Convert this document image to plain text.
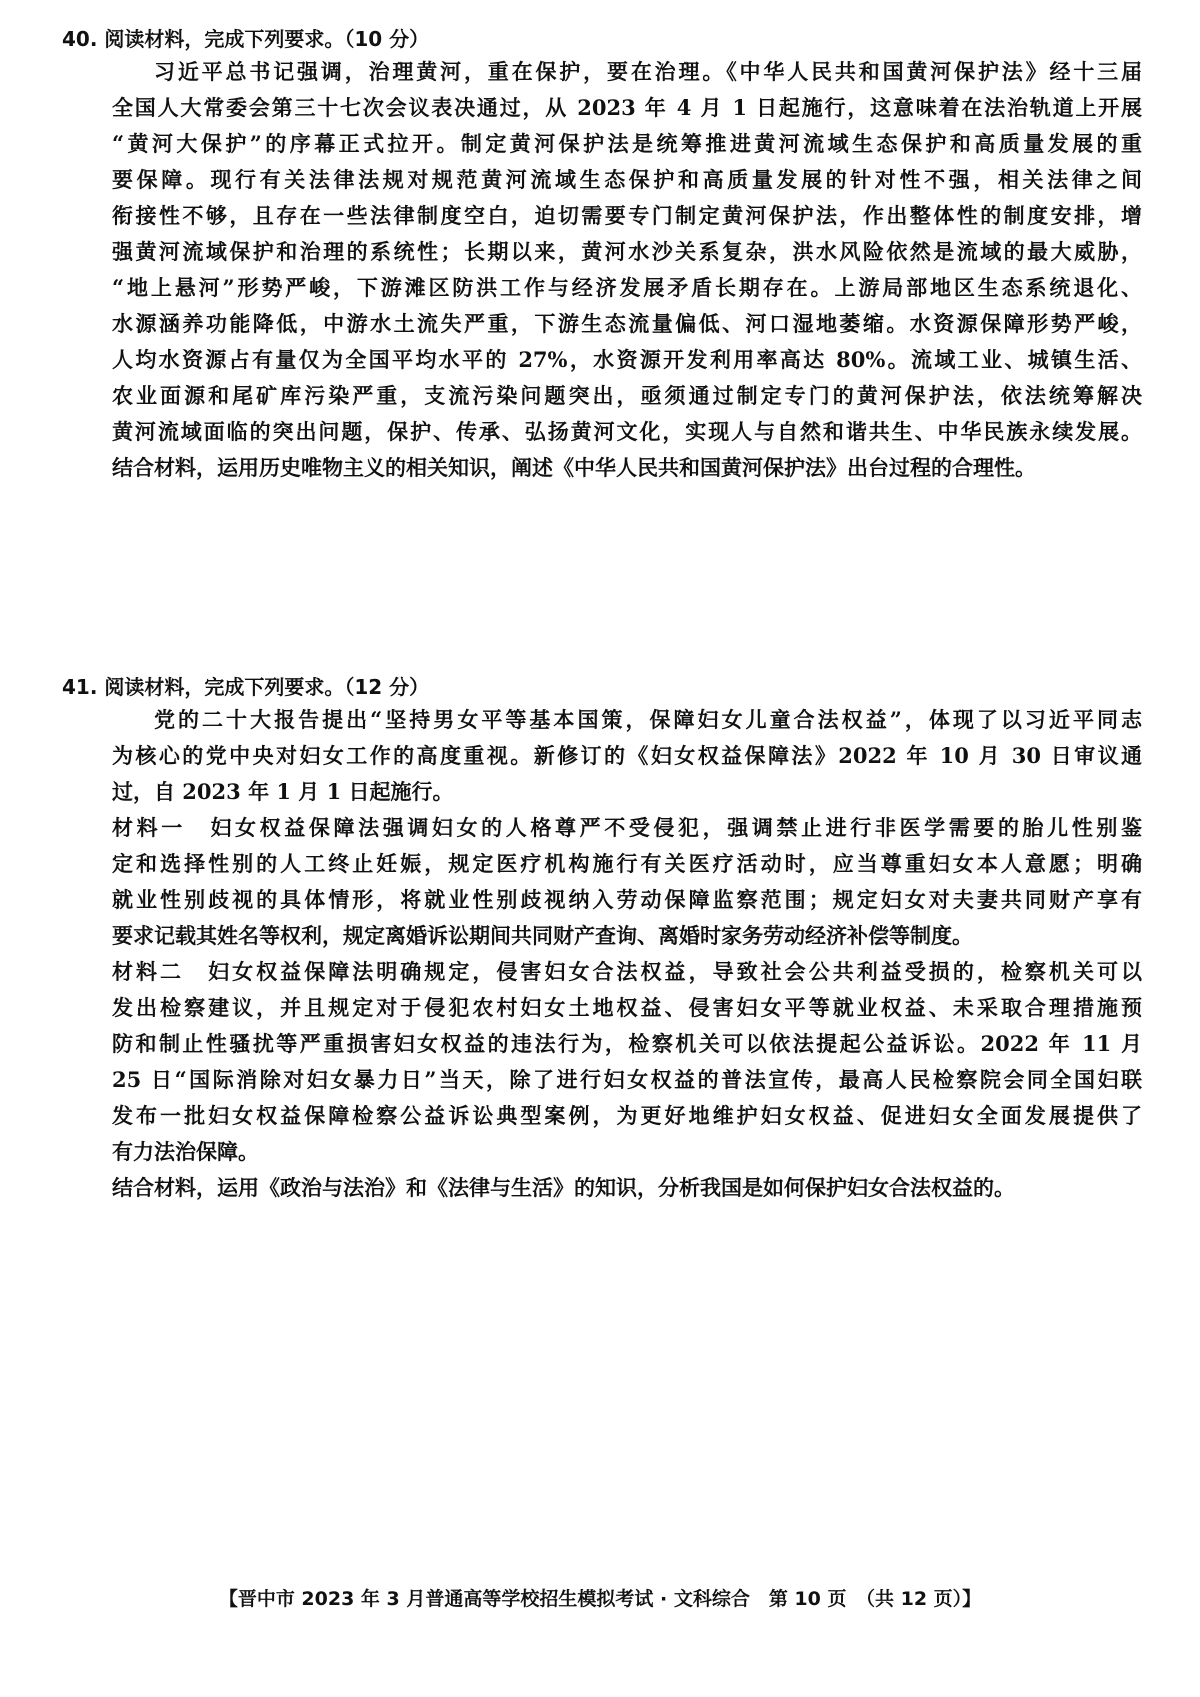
40. 阅读材料，完成下列要求。（10 分）
习近平总书记强调，治理黄河，重在保护，要在治理。《中华人民共和国黄河保护法》经十三届
全国人大常委会第三十七次会议表决通过，从 2023 年 4 月 1 日起施行，这意味着在法治轨道上开展
“黄河大保护”的序幕正式拉开。制定黄河保护法是统筹推进黄河流域生态保护和高质量发展的重
要保障。现行有关法律法规对规范黄河流域生态保护和高质量发展的针对性不强，相关法律之间
衔接性不够，且存在一些法律制度空白，迫切需要专门制定黄河保护法，作出整体性的制度安排，增
强黄河流域保护和治理的系统性；长期以来，黄河水沙关系复杂，洪水风险依然是流域的最大威胁，
“地上悬河”形势严峻，下游滩区防洪工作与经济发展矛盾长期存在。上游局部地区生态系统退化、
水源涵养功能降低，中游水土流失严重，下游生态流量偏低、河口湿地萎缩。水资源保障形势严峻，
人均水资源占有量仅为全国平均水平的 27%，水资源开发利用率高达 80%。流域工业、城镇生活、
农业面源和尾矿库污染严重，支流污染问题突出，亟须通过制定专门的黄河保护法，依法统筹解决
黄河流域面临的突出问题，保护、传承、弘扬黄河文化，实现人与自然和谐共生、中华民族永续发展。
结合材料，运用历史唯物主义的相关知识，阐述《中华人民共和国黄河保护法》出台过程的合理性。
41. 阅读材料，完成下列要求。（12 分）
党的二十大报告提出“坚持男女平等基本国策，保障妇女儿童合法权益”，体现了以习近平同志
为核心的党中央对妇女工作的高度重视。新修订的《妇女权益保障法》2022 年 10 月 30 日审议通
过，自 2023 年 1 月 1 日起施行。
材料一　妇女权益保障法强调妇女的人格尊严不受侵犯，强调禁止进行非医学需要的胎儿性别鉴
定和选择性别的人工终止妊娠，规定医疗机构施行有关医疗活动时，应当尊重妇女本人意愿；明确
就业性别歧视的具体情形，将就业性别歧视纳入劳动保障监察范围；规定妇女对夫妻共同财产享有
要求记载其姓名等权利，规定离婚诉讼期间共同财产查询、离婚时家务劳动经济补偿等制度。
材料二　妇女权益保障法明确规定，侵害妇女合法权益，导致社会公共利益受损的，检察机关可以
发出检察建议，并且规定对于侵犯农村妇女土地权益、侵害妇女平等就业权益、未采取合理措施预
防和制止性骚扰等严重损害妇女权益的违法行为，检察机关可以依法提起公益诉讼。2022 年 11 月
25 日“国际消除对妇女暴力日”当天，除了进行妇女权益的普法宣传，最高人民检察院会同全国妇联
发布一批妇女权益保障检察公益诉讼典型案例，为更好地维护妇女权益、促进妇女全面发展提供了
有力法治保障。
结合材料，运用《政治与法治》和《法律与生活》的知识，分析我国是如何保护妇女合法权益的。
【晋中市 2023 年 3 月普通高等学校招生模拟考试 · 文科综合　第 10 页　（共 12 页）】
